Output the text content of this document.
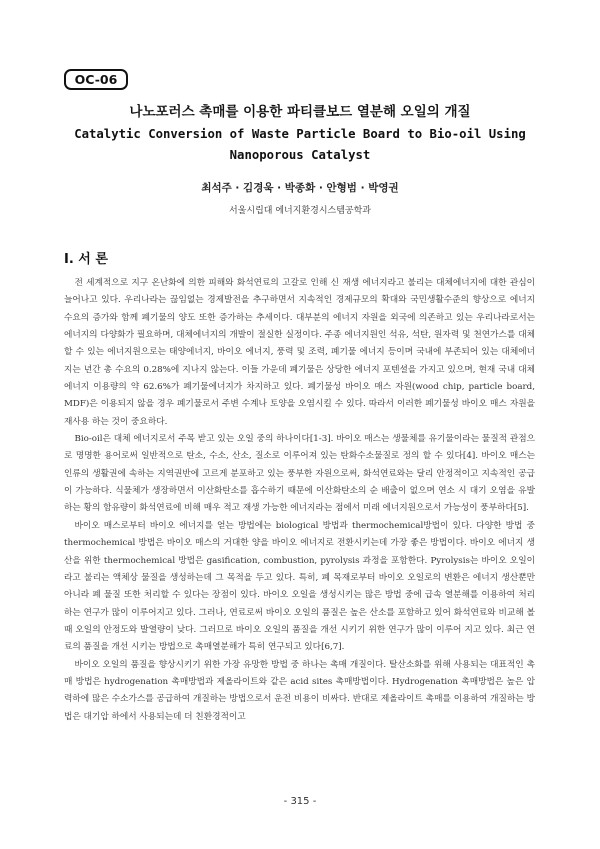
OC-06
나노포러스 촉매를 이용한 파티클보드 열분해 오일의 개질
Catalytic Conversion of Waste Particle Board to Bio-oil Using
Nanoporous Catalyst
최석주 · 김경욱 · 박종화 · 안형범 · 박영권
서울시립대 에너지환경시스템공학과
I. 서 론

전 세계적으로 지구 온난화에 의한 피해와 화석연료의 고갈로 인해 신 재생 에너지라고 불리는 대체에너지에 대한 관심이 늘어나고 있다. 우리나라는 끊임없는 경제발전을 추구하면서 지속적인 경제규모의 확대와 국민생활수준의 향상으로 에너지 수요의 증가와 함께 폐기물의 양도 또한 증가하는 추세이다. 대부분의 에너지 자원을 외국에 의존하고 있는 우리나라로서는 에너지의 다양화가 필요하며, 대체에너지의 개발이 절실한 실정이다. 주종 에너지원인 석유, 석탄, 원자력 및 천연가스를 대체할 수 있는 에너지원으로는 태양에너지, 바이오 에너지, 풍력 및 조력, 폐기물 에너지 등이며 국내에 부존되어 있는 대체에너지는 년간 총 수요의 0.28%에 지나지 않는다. 이들 가운데 폐기물은 상당한 에너지 포텐셜을 가지고 있으며, 현재 국내 대체에너지 이용량의 약 62.6%가 폐기물에너지가 차지하고 있다. 폐기물성 바이오 매스 자원(wood chip, particle board, MDF)은 이용되지 않을 경우 폐기물로서 주변 수계나 토양을 오염시킬 수 있다. 따라서 이러한 폐기물성 바이오 매스 자원을 재사용 하는 것이 중요하다.

Bio-oil은 대체 에너지로서 주목 받고 있는 오일 중의 하나이다[1-3]. 바이오 매스는 생물체를 유기물이라는 물질적 관점으로 명명한 용어로써 일반적으로 탄소, 수소, 산소, 질소로 이루어져 있는 탄화수소물질로 정의 할 수 있다[4]. 바이오 매스는 인류의 생활권에 속하는 지역권반에 고르게 분포하고 있는 풍부한 자원으로써, 화석연료와는 달리 안정적이고 지속적인 공급이 가능하다. 식물체가 생장하면서 이산화탄소를 흡수하기 때문에 이산화탄소의 순 배출이 없으며 연소 시 대기 오염을 유발하는 황의 함유량이 화석연료에 비해 매우 적고 재생 가능한 에너지라는 점에서 미래 에너지원으로서 가능성이 풍부하다[5].

바이오 매스로부터 바이오 에너지를 얻는 방법에는 biological 방법과 thermochemical방법이 있다. 다양한 방법 중 thermochemical 방법은 바이오 매스의 거대한 양을 바이오 에너지로 전환시키는데 가장 좋은 방법이다. 바이오 에너지 생산을 위한 thermochemical 방법은 gasification, combustion, pyrolysis 과정을 포함한다. Pyrolysis는 바이오 오일이라고 불리는 액체상 물질을 생성하는데 그 목적을 두고 있다. 특히, 폐 목재로부터 바이오 오일로의 변환은 에너지 생산뿐만 아니라 폐 물질 또한 처리할 수 있다는 장점이 있다. 바이오 오일을 생성시키는 많은 방법 중에 급속 열분해를 이용하여 처리하는 연구가 많이 이루어지고 있다. 그러나, 연료로써 바이오 오일의 품질은 높은 산소를 포함하고 있어 화석연료와 비교해 볼 때 오일의 안정도와 발열량이 낮다. 그러므로 바이오 오일의 품질을 개선 시키기 위한 연구가 많이 이루어 지고 있다. 최근 연료의 품질을 개선 시키는 방법으로 촉매열분해가 특히 연구되고 있다[6,7].

바이오 오일의 품질을 향상시키기 위한 가장 유망한 방법 중 하나는 촉매 개질이다. 탈산소화를 위해 사용되는 대표적인 촉매 방법은 hydrogenation 촉매방법과 제올라이트와 같은 acid sites 촉매방법이다. Hydrogenation 촉매방법은 높은 압력하에 많은 수소가스를 공급하여 개질하는 방법으로서 운전 비용이 비싸다. 반대로 제올라이트 촉매를 이용하여 개질하는 방법은 대기압 하에서 사용되는데 더 친환경적이고

- 315 -
